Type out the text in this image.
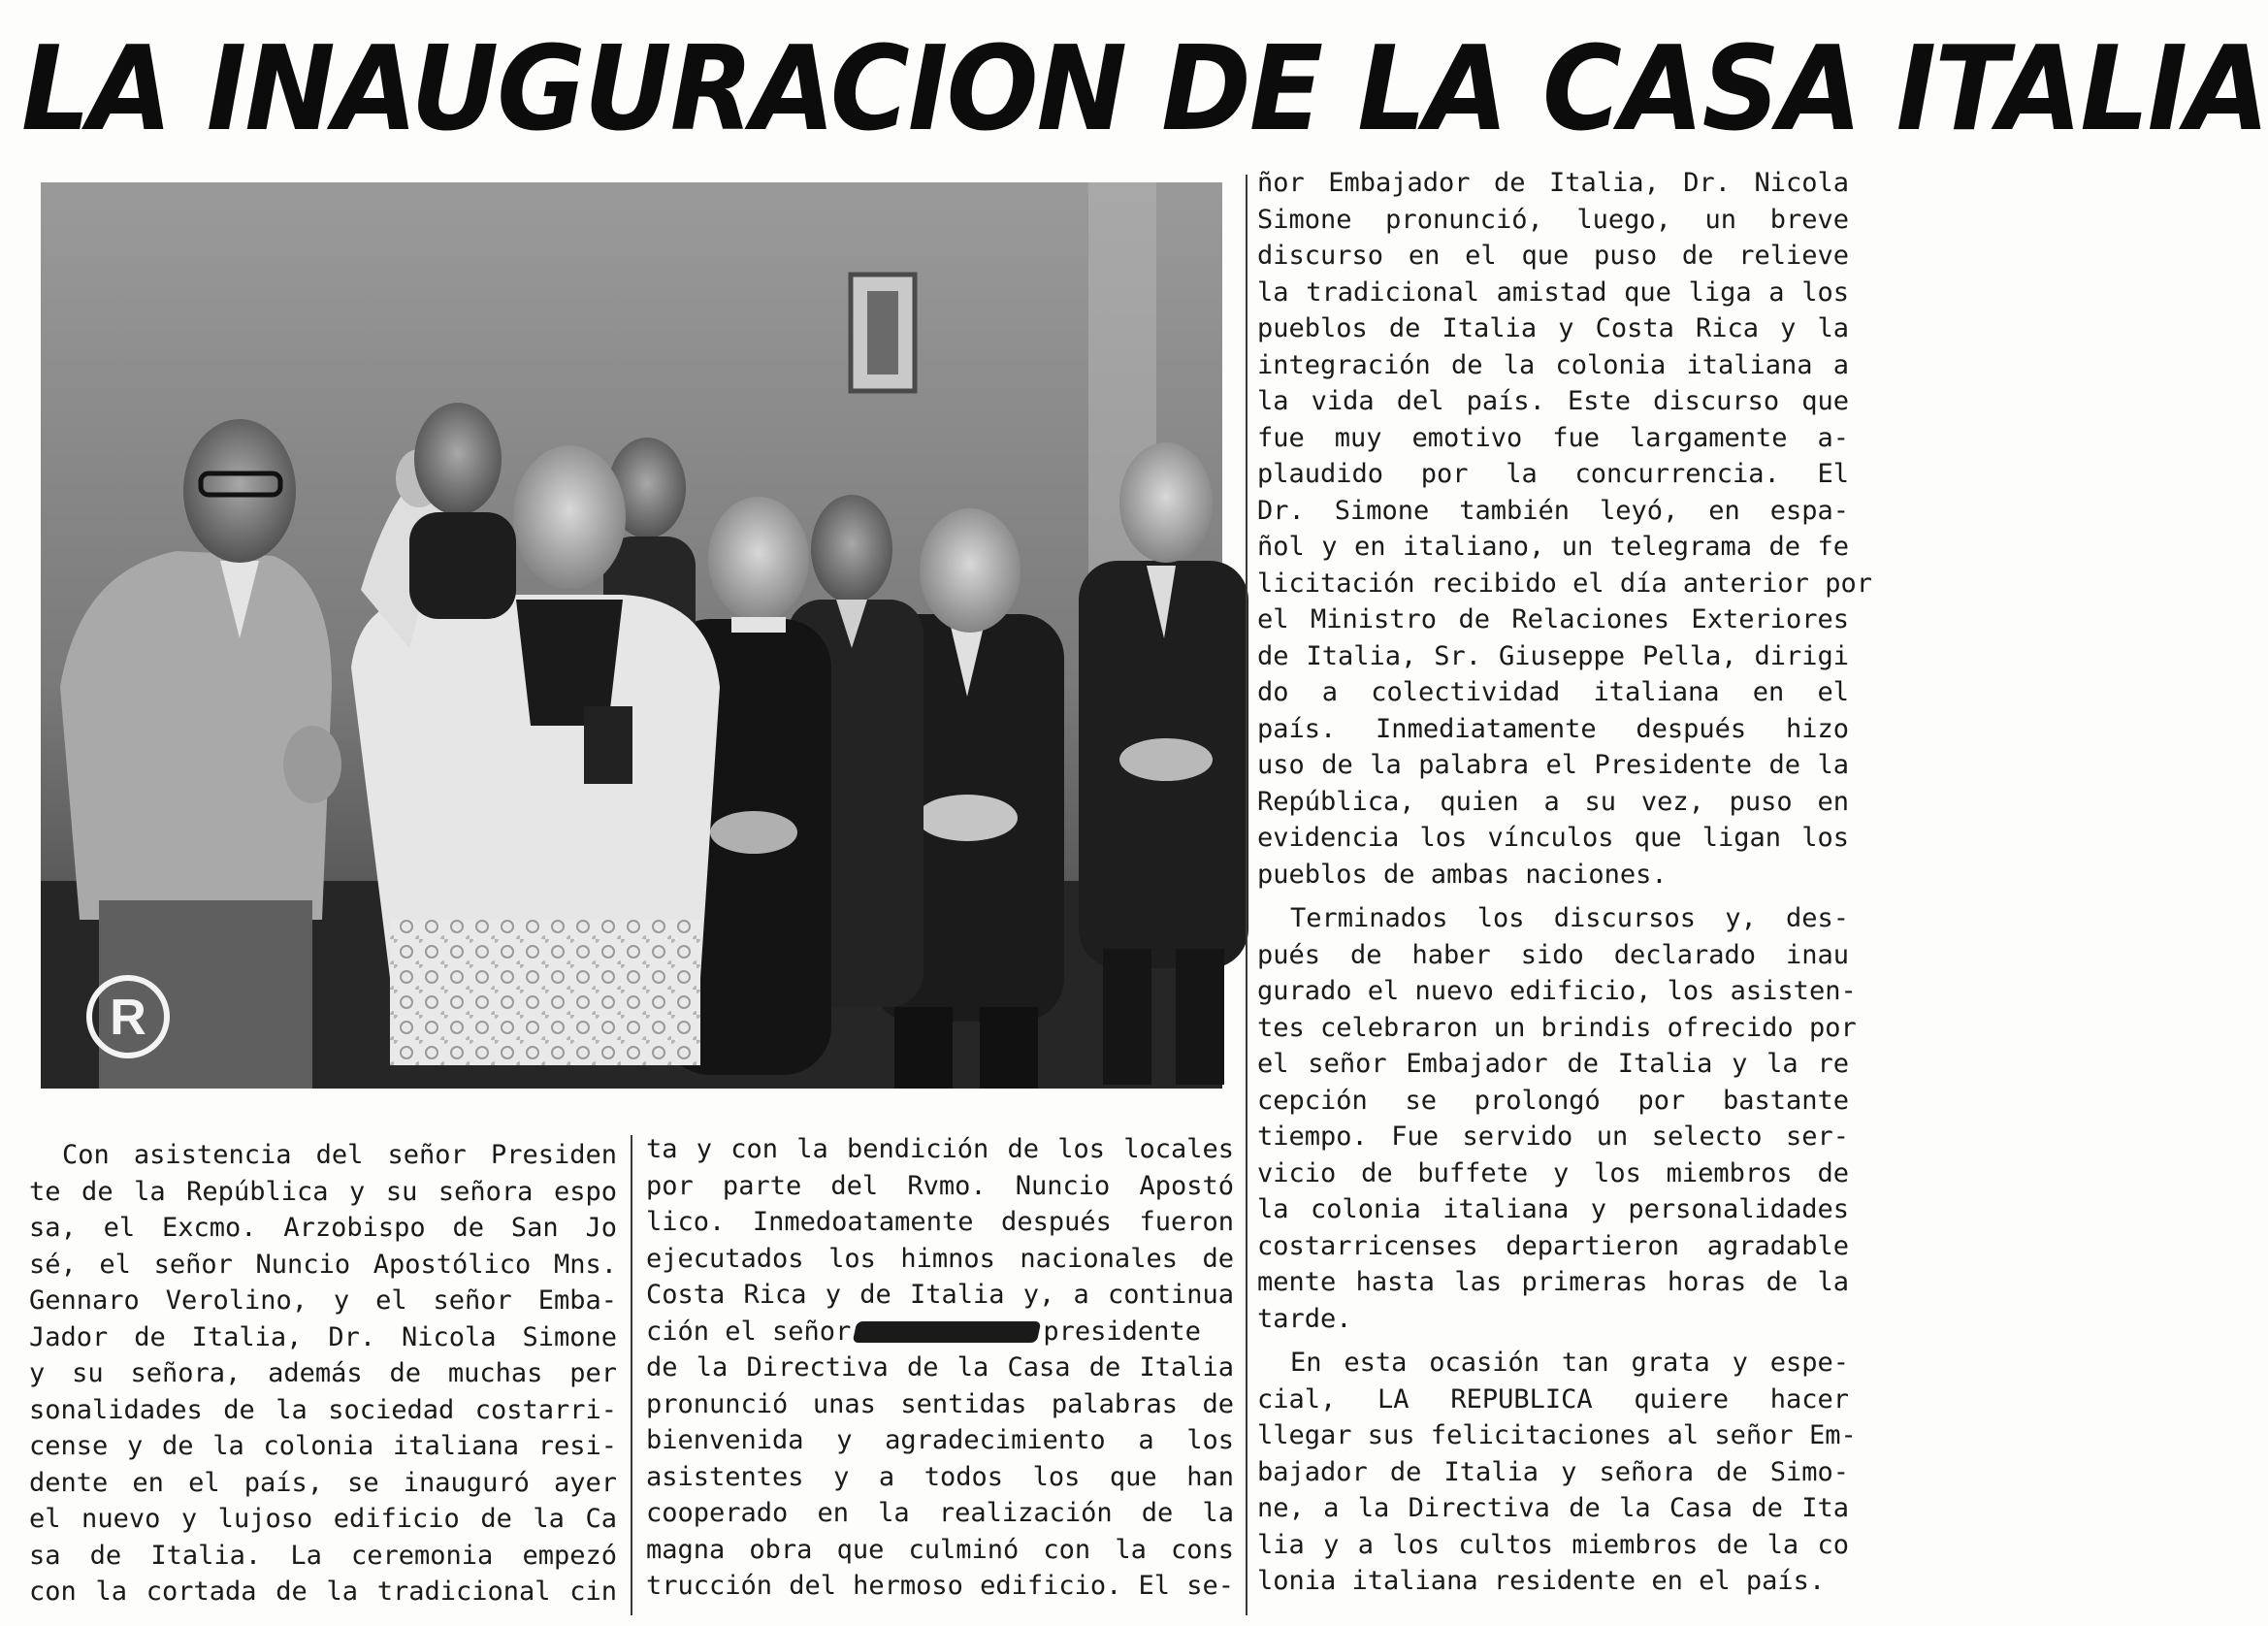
LA INAUGURACION DE LA CASA ITALIA
R
Con asistencia del señor Presiden
te de la República y su señora espo
sa, el Excmo. Arzobispo de San Jo
sé, el señor Nuncio Apostólico Mns.
Gennaro Verolino, y el señor Emba-
Jador de Italia, Dr. Nicola Simone
y su señora, además de muchas per
sonalidades de la sociedad costarri-
cense y de la colonia italiana resi-
dente en el país, se inauguró ayer
el nuevo y lujoso edificio de la Ca
sa de Italia. La ceremonia empezó
con la cortada de la tradicional cin
ta y con la bendición de los locales
por parte del Rvmo. Nuncio Apostó
lico. Inmedoatamente después fueron
ejecutados los himnos nacionales de
Costa Rica y de Italia y, a continua
ción el señor	presidente
de la Directiva de la Casa de Italia
pronunció unas sentidas palabras de
bienvenida y agradecimiento a los
asistentes y a todos los que han
cooperado en la realización de la
magna obra que culminó con la cons
trucción del hermoso edificio. El se-
ñor Embajador de Italia, Dr. Nicola
Simone pronunció, luego, un breve
discurso en el que puso de relieve
la tradicional amistad que liga a los
pueblos de Italia y Costa Rica y la
integración de la colonia italiana a
la vida del país. Este discurso que
fue muy emotivo fue largamente a-
plaudido por la concurrencia. El
Dr. Simone también leyó, en espa-
ñol y en italiano, un telegrama de fe
licitación recibido el día anterior por
el Ministro de Relaciones Exteriores
de Italia, Sr. Giuseppe Pella, dirigi
do a colectividad italiana en el
país. Inmediatamente después hizo
uso de la palabra el Presidente de la
República, quien a su vez, puso en
evidencia los vínculos que ligan los
pueblos de ambas naciones.
Terminados los discursos y, des-
pués de haber sido declarado inau
gurado el nuevo edificio, los asisten-
tes celebraron un brindis ofrecido por
el señor Embajador de Italia y la re
cepción se prolongó por bastante
tiempo. Fue servido un selecto ser-
vicio de buffete y los miembros de
la colonia italiana y personalidades
costarricenses departieron agradable
mente hasta las primeras horas de la
tarde.
En esta ocasión tan grata y espe-
cial, LA REPUBLICA quiere hacer
llegar sus felicitaciones al señor Em-
bajador de Italia y señora de Simo-
ne, a la Directiva de la Casa de Ita
lia y a los cultos miembros de la co
lonia italiana residente en el país.
